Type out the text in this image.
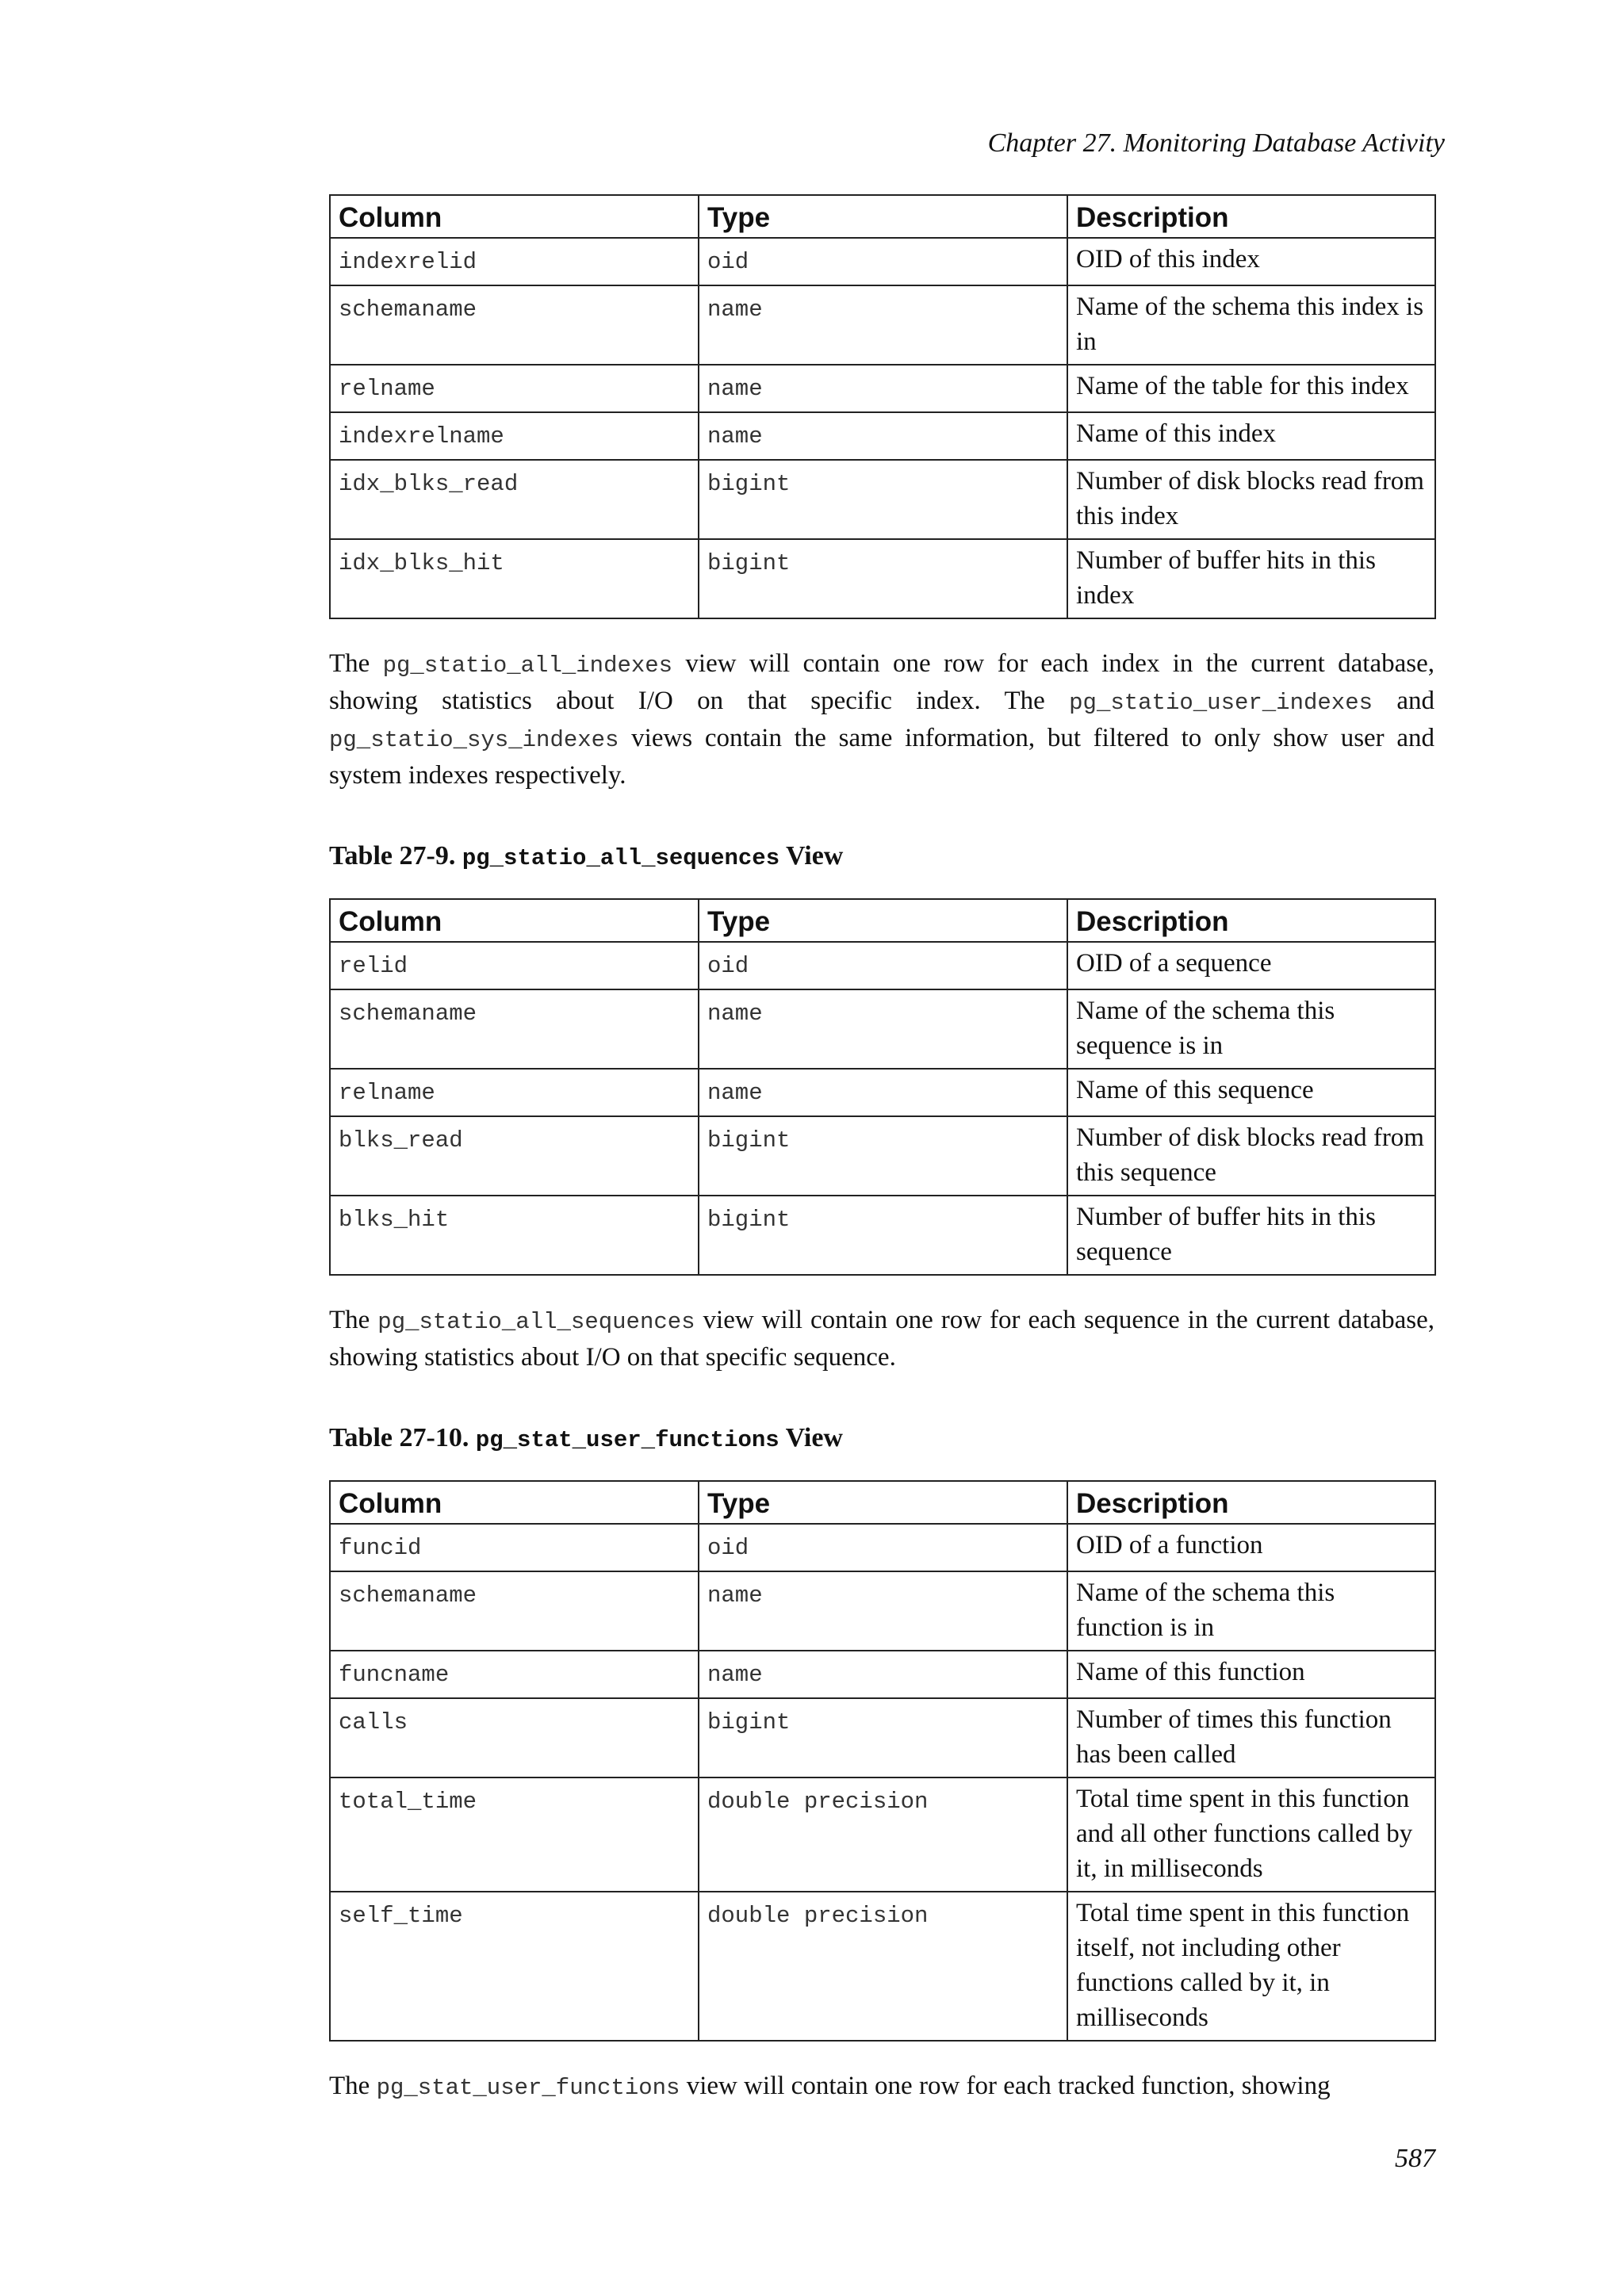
Chapter 27. Monitoring Database Activity
Column	Type	Description
indexrelid	oid	OID of this index
schemaname	name	Name of the schema this index is in
relname	name	Name of the table for this index
indexrelname	name	Name of this index
idx_blks_read	bigint	Number of disk blocks read from this index
idx_blks_hit	bigint	Number of buffer hits in this index

The pg_statio_all_indexes view will contain one row for each index in the current database, showing statistics about I/O on that specific index. The pg_statio_user_indexes and pg_statio_sys_indexes views contain the same information, but filtered to only show user and system indexes respectively.

Table 27-9. pg_statio_all_sequences View

Column	Type	Description
relid	oid	OID of a sequence
schemaname	name	Name of the schema this sequence is in
relname	name	Name of this sequence
blks_read	bigint	Number of disk blocks read from this sequence
blks_hit	bigint	Number of buffer hits in this sequence

The pg_statio_all_sequences view will contain one row for each sequence in the current database, showing statistics about I/O on that specific sequence.

Table 27-10. pg_stat_user_functions View

Column	Type	Description
funcid	oid	OID of a function
schemaname	name	Name of the schema this function is in
funcname	name	Name of this function
calls	bigint	Number of times this function has been called
total_time	double precision	Total time spent in this function and all other functions called by it, in milliseconds
self_time	double precision	Total time spent in this function itself, not including other functions called by it, in milliseconds

The pg_stat_user_functions view will contain one row for each tracked function, showing

587
